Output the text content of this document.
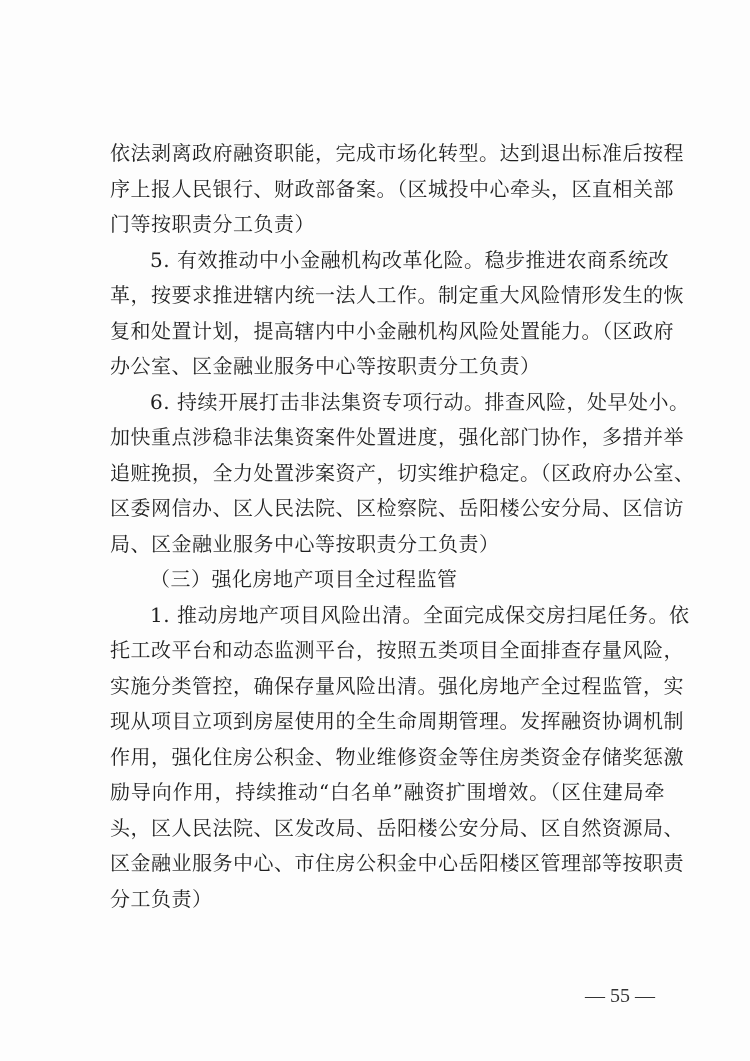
依法剥离政府融资职能，完成市场化转型。达到退出标准后按程
序上报人民银行、财政部备案。（区城投中心牵头，区直相关部
门等按职责分工负责）
5. 有效推动中小金融机构改革化险。稳步推进农商系统改
革，按要求推进辖内统一法人工作。制定重大风险情形发生的恢
复和处置计划，提高辖内中小金融机构风险处置能力。（区政府
办公室、区金融业服务中心等按职责分工负责）
6. 持续开展打击非法集资专项行动。排查风险，处早处小。
加快重点涉稳非法集资案件处置进度，强化部门协作，多措并举
追赃挽损，全力处置涉案资产，切实维护稳定。（区政府办公室、
区委网信办、区人民法院、区检察院、岳阳楼公安分局、区信访
局、区金融业服务中心等按职责分工负责）
（三）强化房地产项目全过程监管
1. 推动房地产项目风险出清。全面完成保交房扫尾任务。依
托工改平台和动态监测平台，按照五类项目全面排查存量风险，
实施分类管控，确保存量风险出清。强化房地产全过程监管，实
现从项目立项到房屋使用的全生命周期管理。发挥融资协调机制
作用，强化住房公积金、物业维修资金等住房类资金存储奖惩激
励导向作用，持续推动“白名单”融资扩围增效。（区住建局牵
头，区人民法院、区发改局、岳阳楼公安分局、区自然资源局、
区金融业服务中心、市住房公积金中心岳阳楼区管理部等按职责
分工负责）
— 55 —
